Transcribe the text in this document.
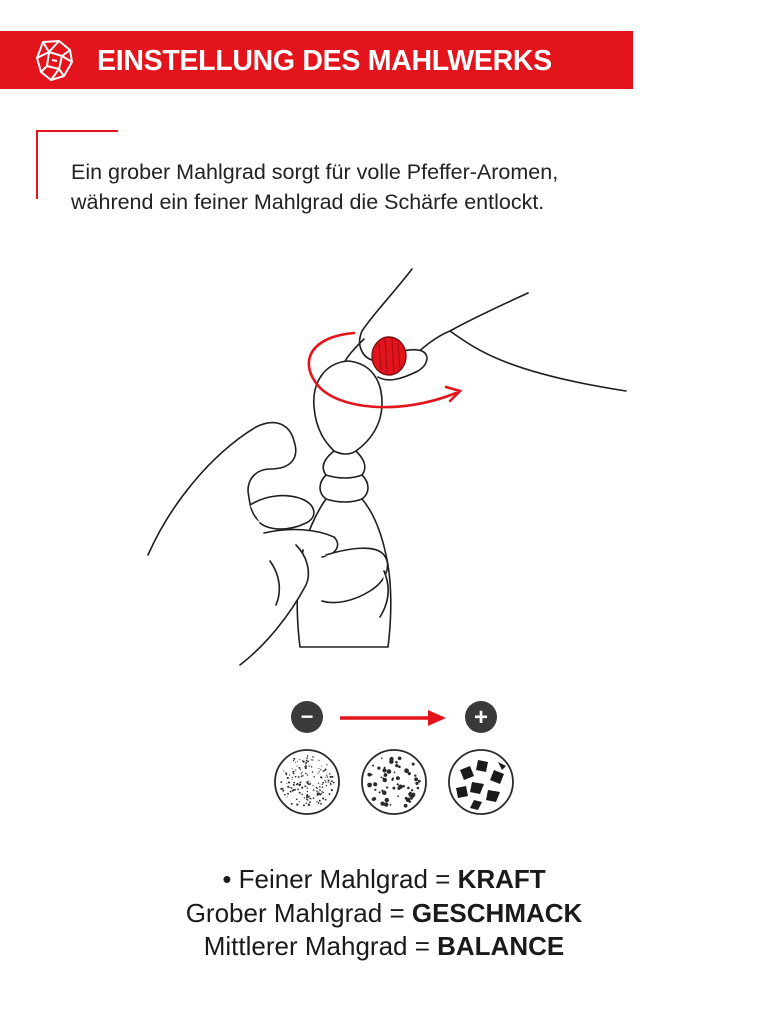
EINSTELLUNG DES MAHLWERKS
Ein grober Mahlgrad sorgt für volle Pfeffer-Aromen,
während ein feiner Mahlgrad die Schärfe entlockt.
−	+
• Feiner Mahlgrad = KRAFT
Grober Mahlgrad = GESCHMACK
Mittlerer Mahgrad = BALANCE
